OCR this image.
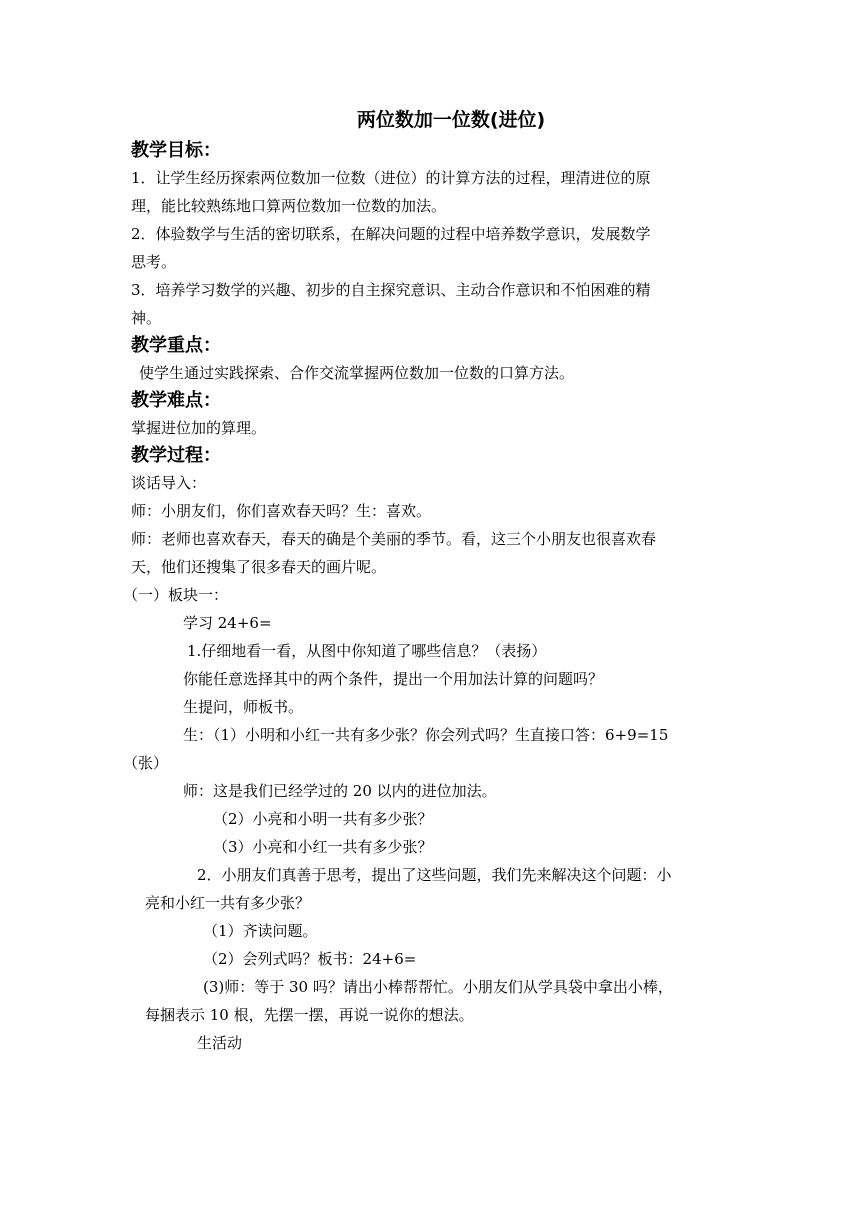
两位数加一位数(进位)
教学目标：
1．让学生经历探索两位数加一位数（进位）的计算方法的过程，理清进位的原
理，能比较熟练地口算两位数加一位数的加法。
2．体验数学与生活的密切联系，在解决问题的过程中培养数学意识，发展数学
思考。
3．培养学习数学的兴趣、初步的自主探究意识、主动合作意识和不怕困难的精
神。
教学重点：
使学生通过实践探索、合作交流掌握两位数加一位数的口算方法。
教学难点：
掌握进位加的算理。
教学过程：
谈话导入：
师：小朋友们，你们喜欢春天吗？生：喜欢。
师：老师也喜欢春天，春天的确是个美丽的季节。看，这三个小朋友也很喜欢春
天，他们还搜集了很多春天的画片呢。
（一）板块一：
学习 24+6=
1.仔细地看一看，从图中你知道了哪些信息？（表扬）
你能任意选择其中的两个条件，提出一个用加法计算的问题吗？
生提问，师板书。
生：（1）小明和小红一共有多少张？你会列式吗？生直接口答：6+9=15
（张）
师：这是我们已经学过的 20 以内的进位加法。
（2）小亮和小明一共有多少张？
（3）小亮和小红一共有多少张？
2．小朋友们真善于思考，提出了这些问题，我们先来解决这个问题：小
亮和小红一共有多少张？
（1）齐读问题。
（2）会列式吗？板书：24+6=
(3)师：等于 30 吗？请出小棒帮帮忙。小朋友们从学具袋中拿出小棒，
每捆表示 10 根，先摆一摆，再说一说你的想法。
生活动
